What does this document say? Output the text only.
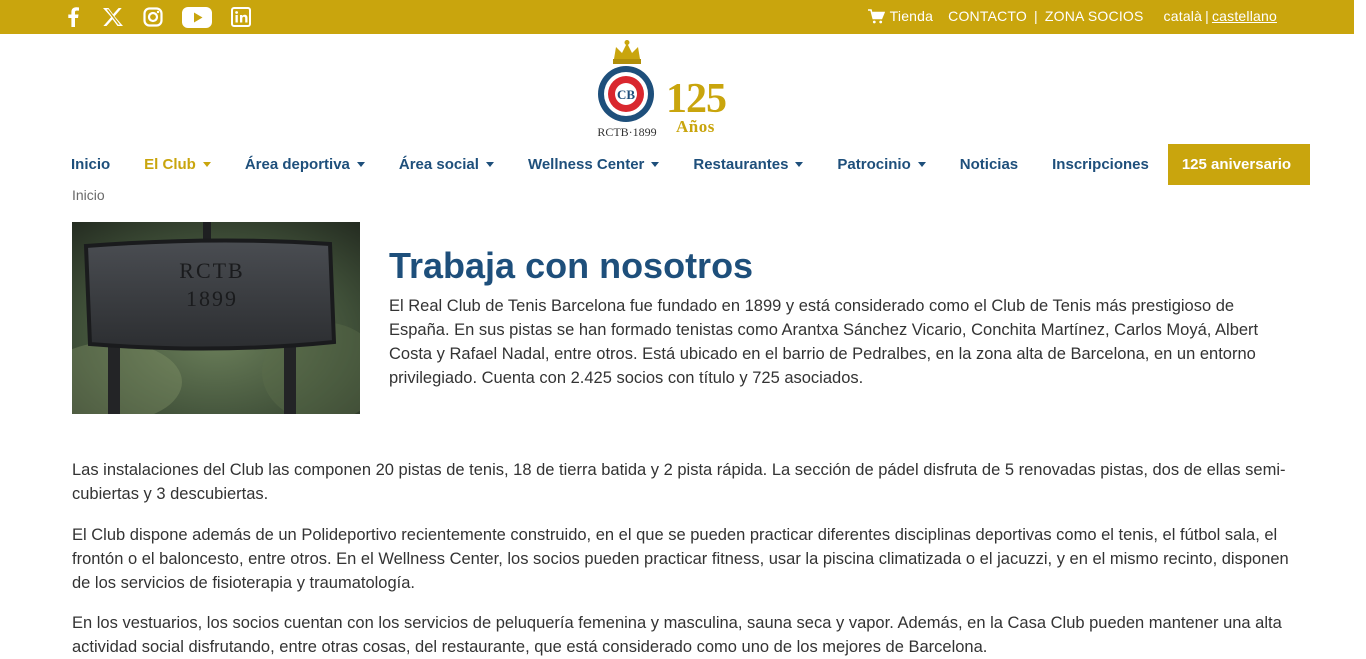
Tienda CONTACTO | ZONA SOCIOS català | castellano
CB
RCTB·1899
125
Años
Inicio El Club	Área deportiva	Área social	Wellness Center	Restaurantes	Patrocinio	Noticias Inscripciones	125 aniversario
Inicio
RCTB
1899
Trabaja con nosotros

El Real Club de Tenis Barcelona fue fundado en 1899 y está considerado como el Club de Tenis más prestigioso de España. En sus pistas se han formado tenistas como Arantxa Sánchez Vicario, Conchita Martínez, Carlos Moyá, Albert Costa y Rafael Nadal, entre otros. Está ubicado en el barrio de Pedralbes, en la zona alta de Barcelona, en un entorno privilegiado. Cuenta con 2.425 socios con título y 725 asociados.

Las instalaciones del Club las componen 20 pistas de tenis, 18 de tierra batida y 2 pista rápida. La sección de pádel disfruta de 5 renovadas pistas, dos de ellas semi-cubiertas y 3 descubiertas.

El Club dispone además de un Polideportivo recientemente construido, en el que se pueden practicar diferentes disciplinas deportivas como el tenis, el fútbol sala, el frontón o el baloncesto, entre otros. En el Wellness Center, los socios pueden practicar fitness, usar la piscina climatizada o el jacuzzi, y en el mismo recinto, disponen de los servicios de fisioterapia y traumatología.

En los vestuarios, los socios cuentan con los servicios de peluquería femenina y masculina, sauna seca y vapor. Además, en la Casa Club pueden mantener una alta actividad social disfrutando, entre otras cosas, del restaurante, que está considerado como uno de los mejores de Barcelona.
